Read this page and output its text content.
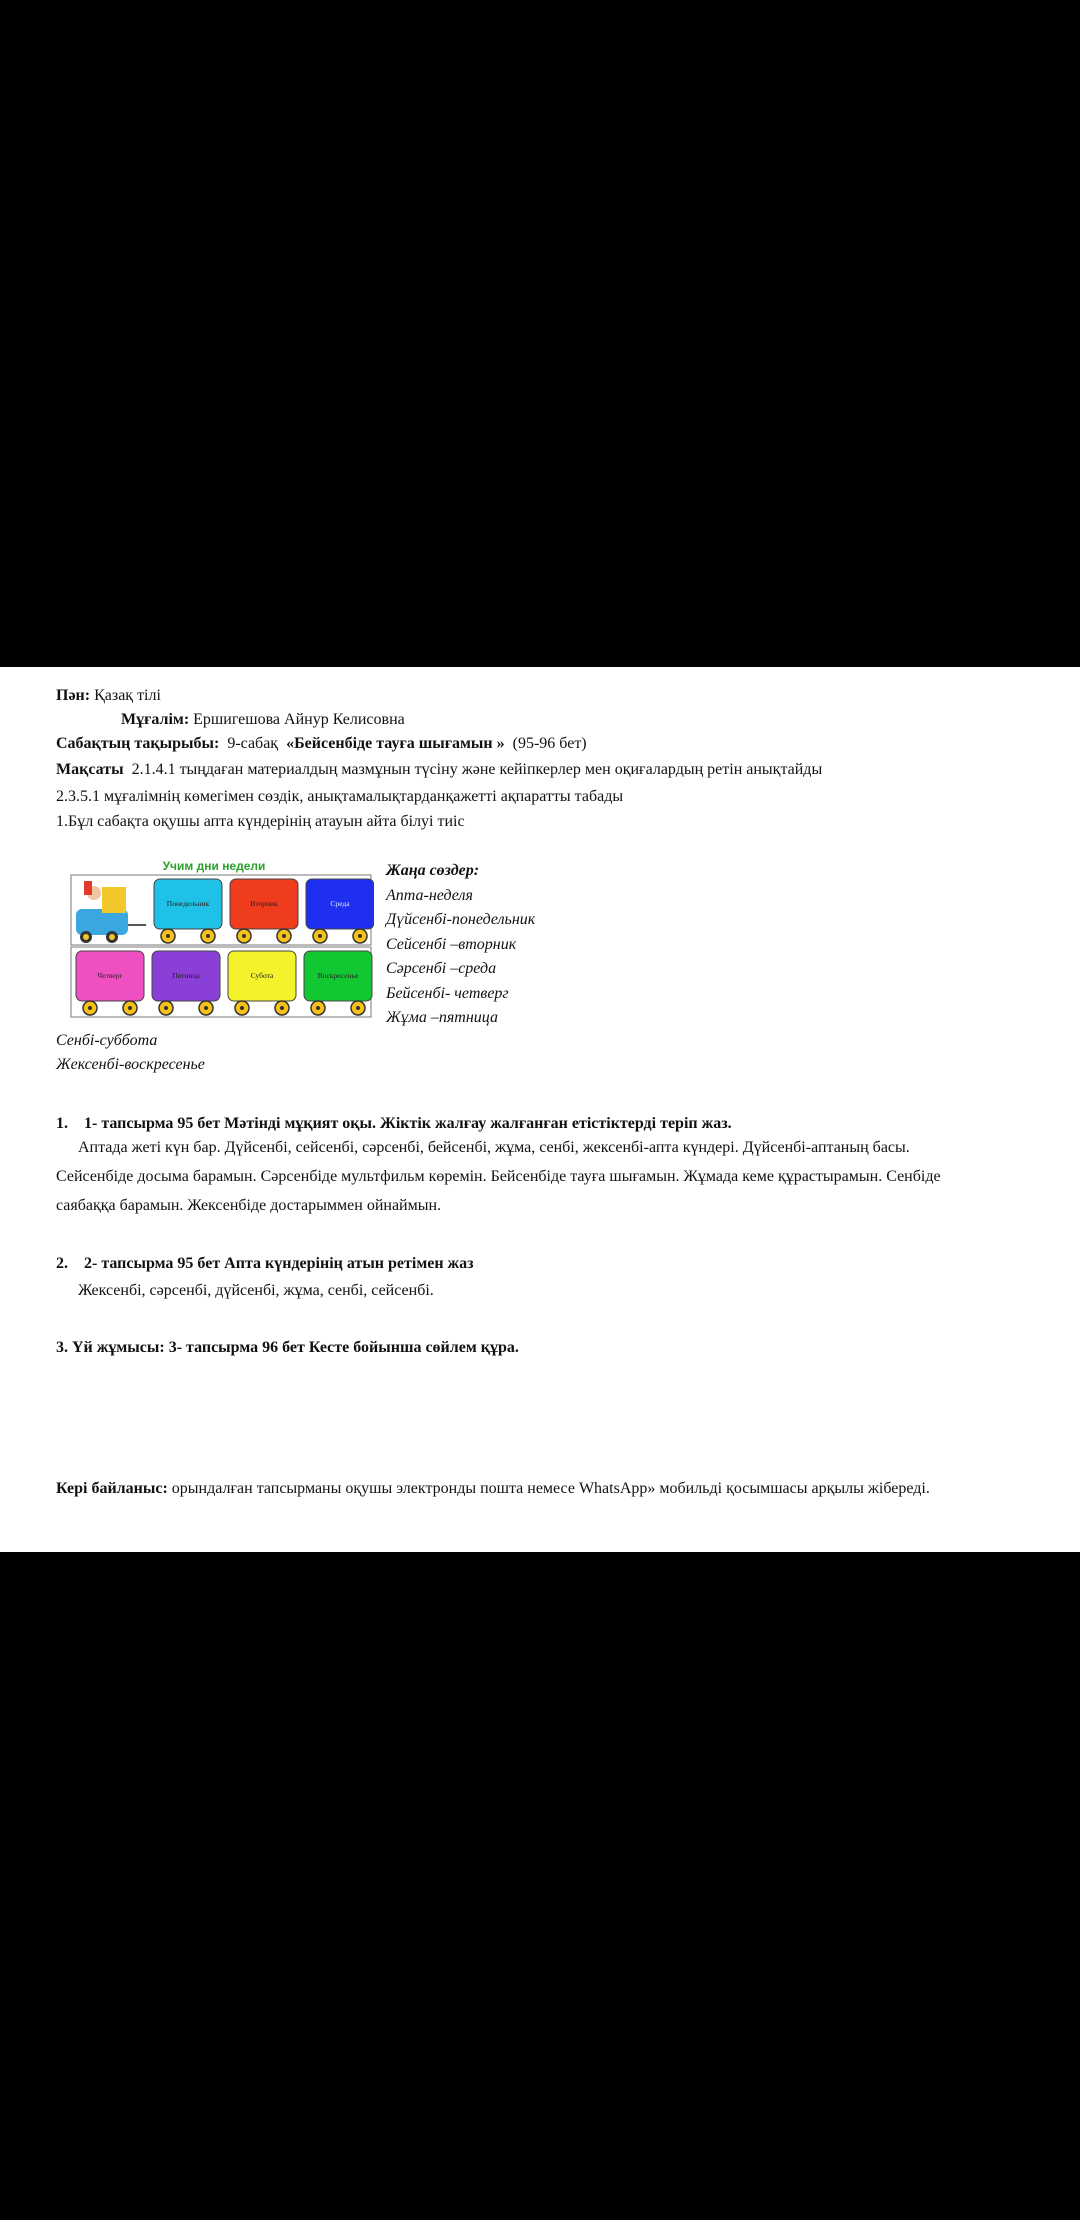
Пән: Қазақ тілі
Мұғалім: Ершигешова Айнур Келисовна
Сабақтың тақырыбы: 9-сабақ «Бейсенбіде тауға шығамын » (95-96 бет)
Мақсаты 2.1.4.1 тыңдаған материалдың мазмұнын түсіну және кейіпкерлер мен оқиғалардың ретін анықтайды
2.3.5.1 мұғалімнің көмегімен сөздік, анықтамалықтарданқажетті ақпаратты табады
1.Бұл сабақта оқушы апта күндерінің атауын айта білуі тиіс
Учим дни недели
Понедельник	Вторник	Среда
Четверг	Пятница	Субота	Воскресенье
Жаңа сөздер:
Апта-неделя
Дүйсенбі-понедельник
Сейсенбі –вторник
Сәрсенбі –среда
Бейсенбі- четверг
Жұма –пятница
Сенбі-суббота
Жексенбі-воскресенье
1. 1- тапсырма 95 бет Мәтінді мұқият оқы. Жіктік жалғау жалғанған етістіктерді теріп жаз.
Аптада жеті күн бар. Дүйсенбі, сейсенбі, сәрсенбі, бейсенбі, жұма, сенбі, жексенбі-апта күндері. Дүйсенбі-аптаның басы.
Сейсенбіде досыма барамын. Сәрсенбіде мультфильм көремін. Бейсенбіде тауға шығамын. Жұмада кеме құрастырамын. Сенбіде
саябаққа барамын. Жексенбіде достарыммен ойнаймын.
2. 2- тапсырма 95 бет Апта күндерінің атын ретімен жаз
Жексенбі, сәрсенбі, дүйсенбі, жұма, сенбі, сейсенбі.
3. Үй жұмысы: 3- тапсырма 96 бет Кесте бойынша сөйлем құра.
Кері байланыс: орындалған тапсырманы оқушы электронды пошта немесе WhatsApp» мобильді қосымшасы арқылы жібереді.
